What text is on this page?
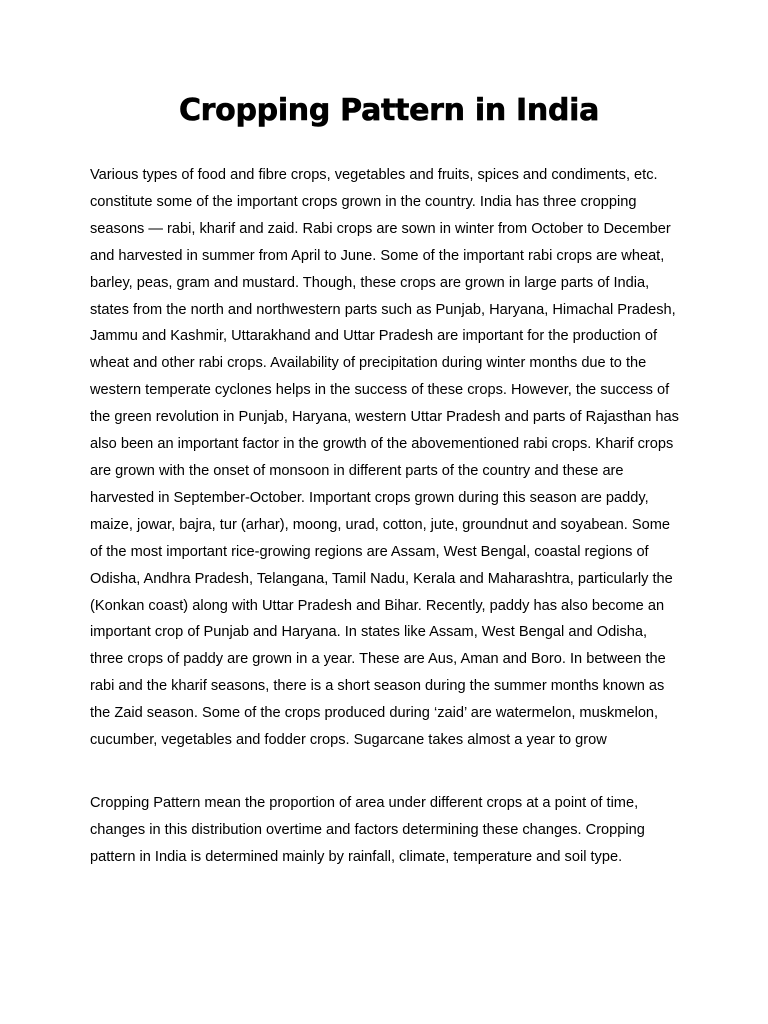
Cropping Pattern in India

Various types of food and fibre crops, vegetables and fruits, spices and condiments, etc. constitute some of the important crops grown in the country. India has three cropping seasons — rabi, kharif and zaid. Rabi crops are sown in winter from October to December and harvested in summer from April to June. Some of the important rabi crops are wheat, barley, peas, gram and mustard. Though, these crops are grown in large parts of India, states from the north and northwestern parts such as Punjab, Haryana, Himachal Pradesh, Jammu and Kashmir, Uttarakhand and Uttar Pradesh are important for the production of wheat and other rabi crops. Availability of precipitation during winter months due to the western temperate cyclones helps in the success of these crops. However, the success of the green revolution in Punjab, Haryana, western Uttar Pradesh and parts of Rajasthan has also been an important factor in the growth of the abovementioned rabi crops. Kharif crops are grown with the onset of monsoon in different parts of the country and these are harvested in September-October. Important crops grown during this season are paddy, maize, jowar, bajra, tur (arhar), moong, urad, cotton, jute, groundnut and soyabean. Some of the most important rice-growing regions are Assam, West Bengal, coastal regions of Odisha, Andhra Pradesh, Telangana, Tamil Nadu, Kerala and Maharashtra, particularly the (Konkan coast) along with Uttar Pradesh and Bihar. Recently, paddy has also become an important crop of Punjab and Haryana. In states like Assam, West Bengal and Odisha, three crops of paddy are grown in a year. These are Aus, Aman and Boro. In between the rabi and the kharif seasons, there is a short season during the summer months known as the Zaid season. Some of the crops produced during ‘zaid’ are watermelon, muskmelon, cucumber, vegetables and fodder crops. Sugarcane takes almost a year to grow

Cropping Pattern mean the proportion of area under different crops at a point of time, changes in this distribution overtime and factors determining these changes. Cropping pattern in India is determined mainly by rainfall, climate, temperature and soil type.
